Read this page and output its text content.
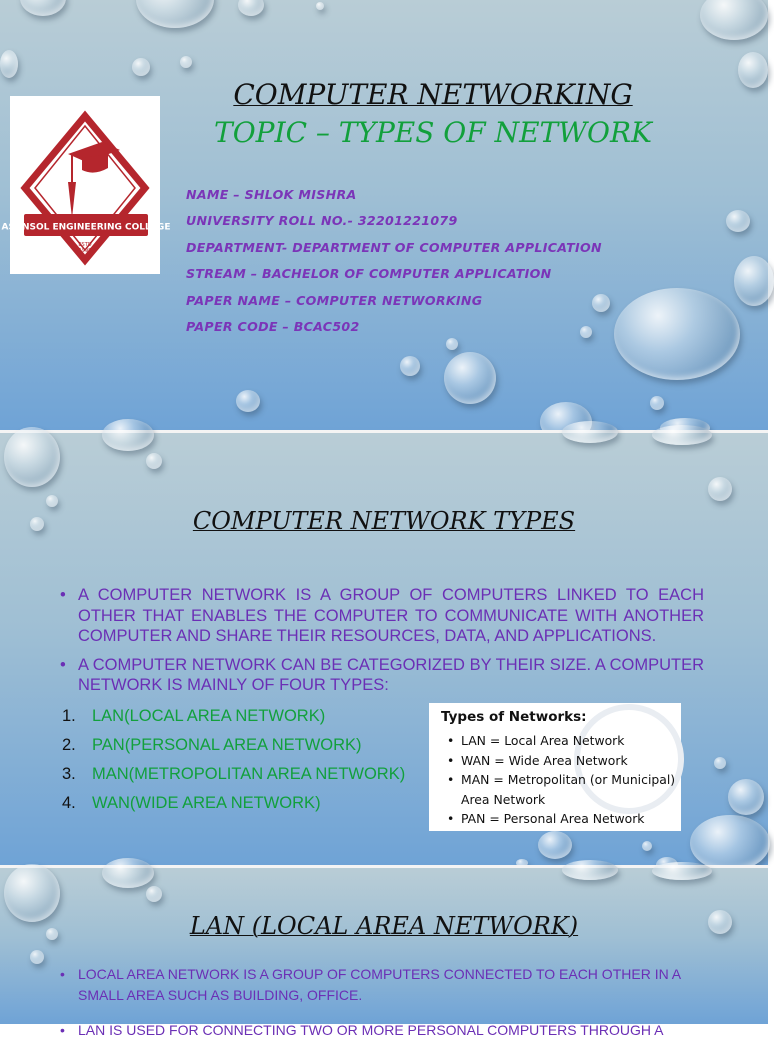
ASANSOL ENGINEERING COLLEGE
ESTD
1998
COMPUTER NETWORKING
TOPIC – TYPES OF NETWORK
NAME – SHLOK MISHRA
UNIVERSITY ROLL NO.- 32201221079
DEPARTMENT- DEPARTMENT OF COMPUTER APPLICATION
STREAM – BACHELOR OF COMPUTER APPLICATION
PAPER NAME – COMPUTER NETWORKING
PAPER CODE – BCAC502
COMPUTER NETWORK TYPES
• A COMPUTER NETWORK IS A GROUP OF COMPUTERS LINKED TO EACH OTHER THAT ENABLES THE COMPUTER TO COMMUNICATE WITH ANOTHER COMPUTER AND SHARE THEIR RESOURCES, DATA, AND APPLICATIONS.
• A COMPUTER NETWORK CAN BE CATEGORIZED BY THEIR SIZE. A COMPUTER NETWORK IS MAINLY OF FOUR TYPES:
1. LAN(LOCAL AREA NETWORK)
2. PAN(PERSONAL AREA NETWORK)
3. MAN(METROPOLITAN AREA NETWORK)
4. WAN(WIDE AREA NETWORK)
Types of Networks:
• LAN = Local Area Network
• WAN = Wide Area Network
• MAN = Metropolitan (or Municipal)
Area Network
• PAN = Personal Area Network
LAN (LOCAL AREA NETWORK)
• LOCAL AREA NETWORK IS A GROUP OF COMPUTERS CONNECTED TO EACH OTHER IN A SMALL AREA SUCH AS BUILDING, OFFICE.
• LAN IS USED FOR CONNECTING TWO OR MORE PERSONAL COMPUTERS THROUGH A
